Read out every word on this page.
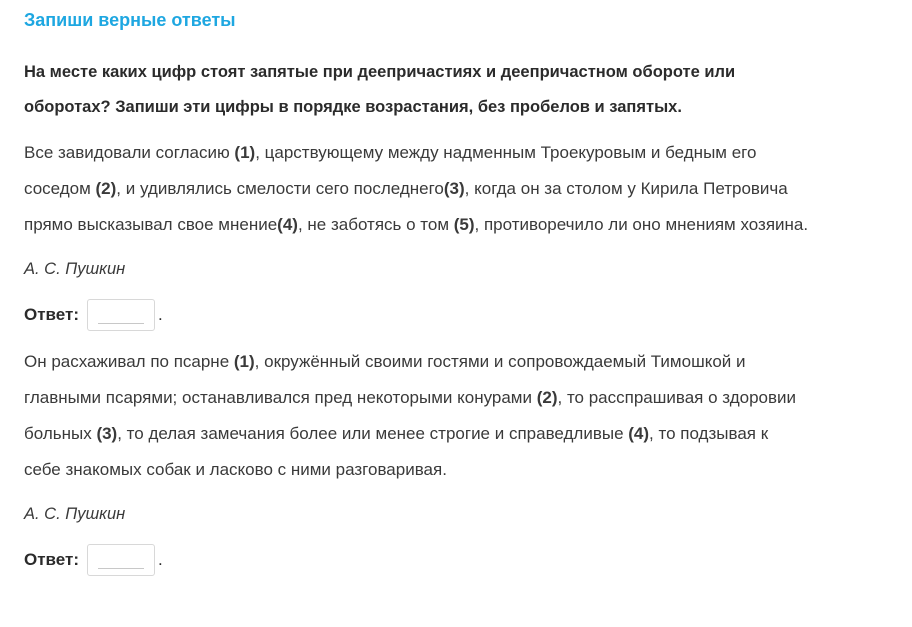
Запиши верные ответы
На месте каких цифр стоят запятые при деепричастиях и деепричастном обороте или
оборотах? Запиши эти цифры в порядке возрастания, без пробелов и запятых.
Все завидовали согласию (1), царствующему между надменным Троекуровым и бедным его
соседом (2), и удивлялись смелости сего последнего(3), когда он за столом у Кирила Петровича
прямо высказывал свое мнение(4), не заботясь о том (5), противоречило ли оно мнениям хозяина.
А. С. Пушкин
Ответ:	.
Он расхаживал по псарне (1), окружённый своими гостями и сопровождаемый Тимошкой и
главными псарями; останавливался пред некоторыми конурами (2), то расспрашивая о здоровии
больных (3), то делая замечания более или менее строгие и справедливые (4), то подзывая к
себе знакомых собак и ласково с ними разговаривая.
А. С. Пушкин
Ответ:	.
